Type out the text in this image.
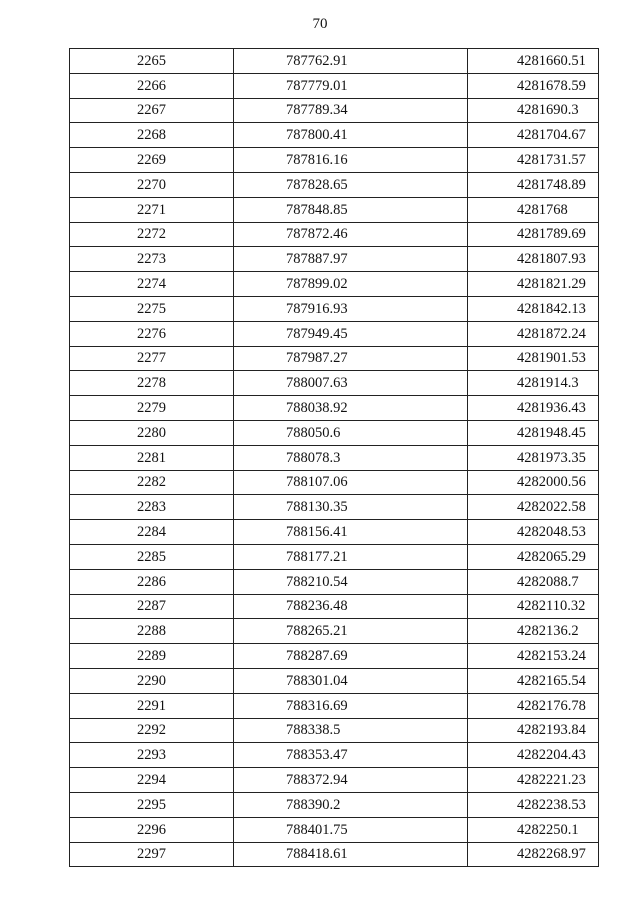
70
2265	787762.91	4281660.51
2266	787779.01	4281678.59
2267	787789.34	4281690.3
2268	787800.41	4281704.67
2269	787816.16	4281731.57
2270	787828.65	4281748.89
2271	787848.85	4281768
2272	787872.46	4281789.69
2273	787887.97	4281807.93
2274	787899.02	4281821.29
2275	787916.93	4281842.13
2276	787949.45	4281872.24
2277	787987.27	4281901.53
2278	788007.63	4281914.3
2279	788038.92	4281936.43
2280	788050.6	4281948.45
2281	788078.3	4281973.35
2282	788107.06	4282000.56
2283	788130.35	4282022.58
2284	788156.41	4282048.53
2285	788177.21	4282065.29
2286	788210.54	4282088.7
2287	788236.48	4282110.32
2288	788265.21	4282136.2
2289	788287.69	4282153.24
2290	788301.04	4282165.54
2291	788316.69	4282176.78
2292	788338.5	4282193.84
2293	788353.47	4282204.43
2294	788372.94	4282221.23
2295	788390.2	4282238.53
2296	788401.75	4282250.1
2297	788418.61	4282268.97
